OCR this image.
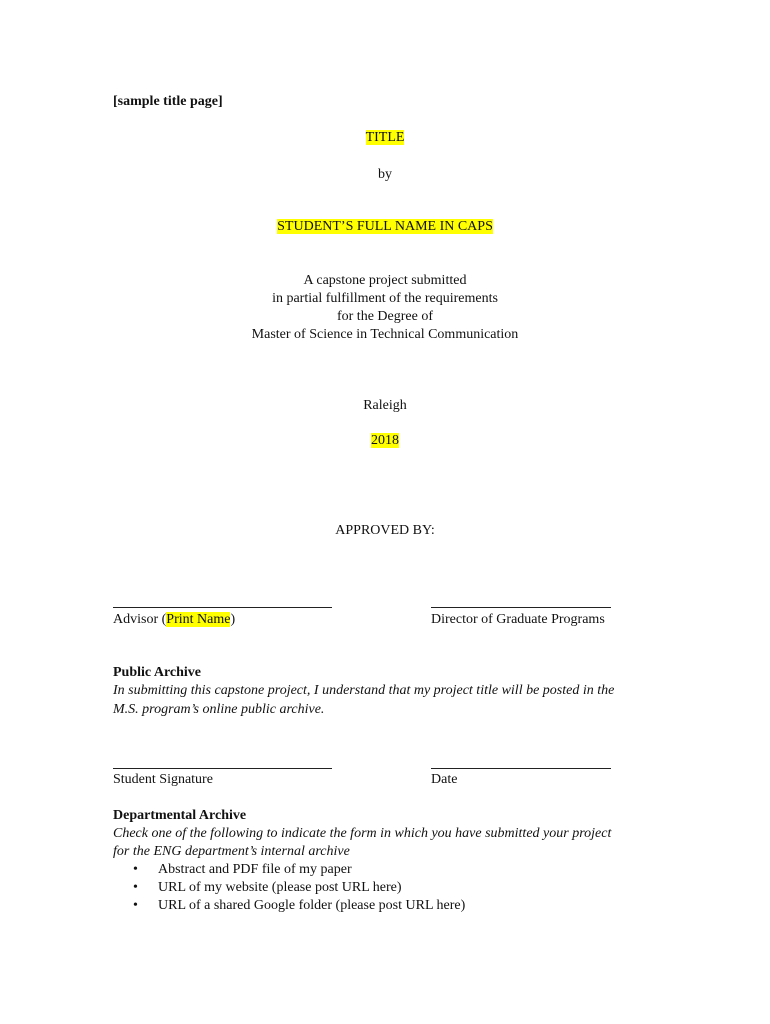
[sample title page]
TITLE
by
STUDENT’S FULL NAME IN CAPS
A capstone project submitted
in partial fulfillment of the requirements
for the Degree of
Master of Science in Technical Communication
Raleigh
2018
APPROVED BY:
Advisor (Print Name)	Director of Graduate Programs
Public Archive
In submitting this capstone project, I understand that my project title will be posted in the
M.S. program’s online public archive.
Student Signature	Date
Departmental Archive
Check one of the following to indicate the form in which you have submitted your project
for the ENG department’s internal archive
• Abstract and PDF file of my paper
• URL of my website (please post URL here)
• URL of a shared Google folder (please post URL here)
